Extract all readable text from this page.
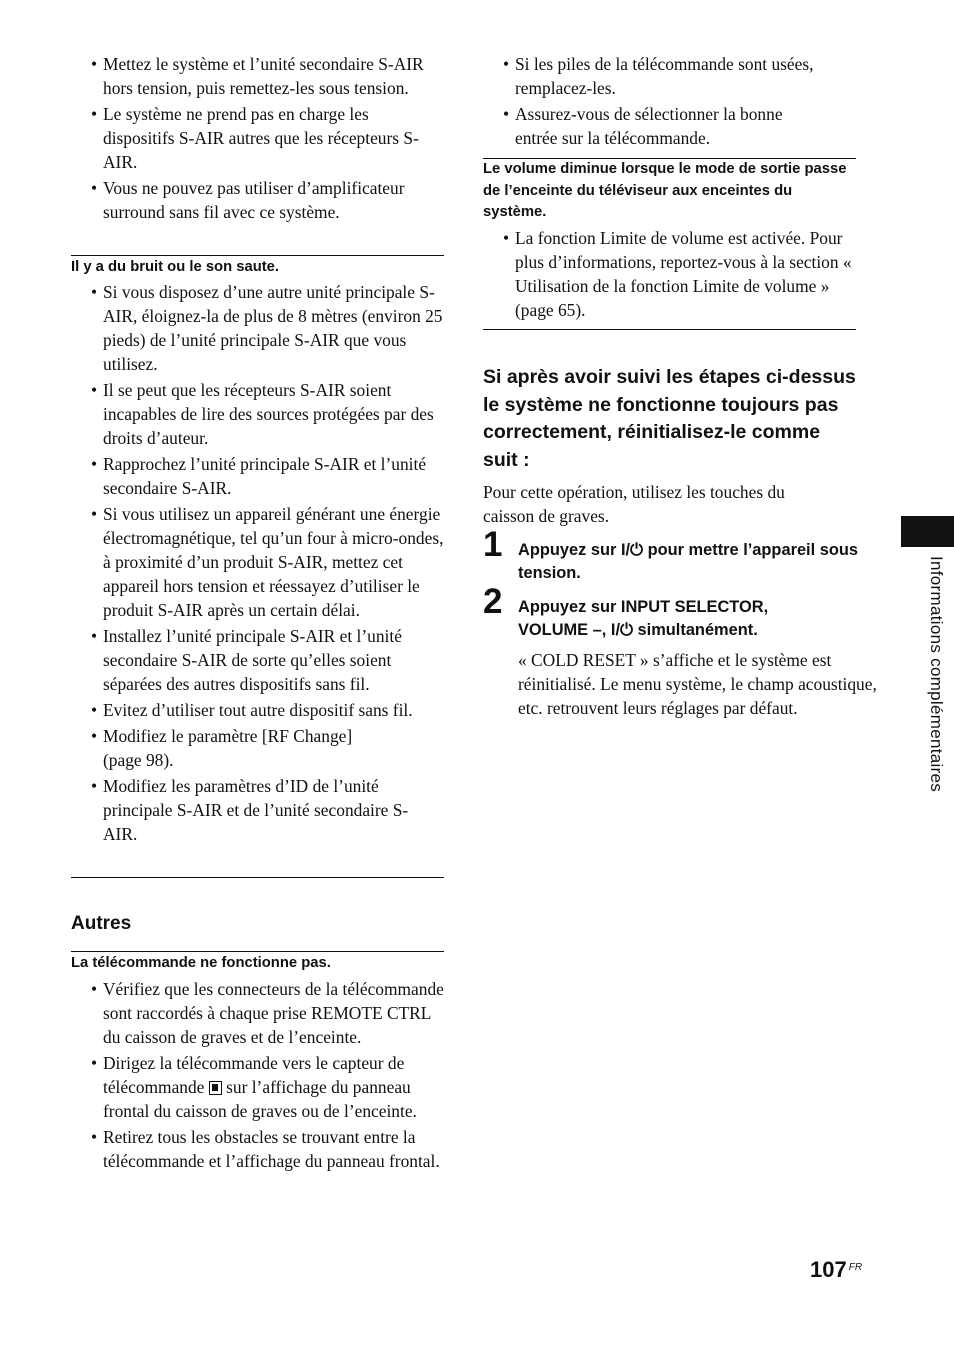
• Mettez le système et l’unité secondaire S-AIR hors tension, puis remettez-les sous tension.
• Le système ne prend pas en charge les dispositifs S-AIR autres que les récepteurs S-AIR.
• Vous ne pouvez pas utiliser d’amplificateur surround sans fil avec ce système.
Il y a du bruit ou le son saute.
• Si vous disposez d’une autre unité principale S-AIR, éloignez-la de plus de 8 mètres (environ 25 pieds) de l’unité principale S-AIR que vous utilisez.
• Il se peut que les récepteurs S-AIR soient incapables de lire des sources protégées par des droits d’auteur.
• Rapprochez l’unité principale S-AIR et l’unité secondaire S-AIR.
• Si vous utilisez un appareil générant une énergie électromagnétique, tel qu’un four à micro-ondes, à proximité d’un produit S-AIR, mettez cet appareil hors tension et réessayez d’utiliser le produit S-AIR après un certain délai.
• Installez l’unité principale S-AIR et l’unité secondaire S-AIR de sorte qu’elles soient séparées des autres dispositifs sans fil.
• Evitez d’utiliser tout autre dispositif sans fil.
• Modifiez le paramètre [RF Change] (page 98).
• Modifiez les paramètres d’ID de l’unité principale S-AIR et de l’unité secondaire S-AIR.
Autres
La télécommande ne fonctionne pas.
• Vérifiez que les connecteurs de la télécommande sont raccordés à chaque prise REMOTE CTRL du caisson de graves et de l’enceinte.
• Dirigez la télécommande vers le capteur de télécommande sur l’affichage du panneau frontal du caisson de graves ou de l’enceinte.
• Retirez tous les obstacles se trouvant entre la télécommande et l’affichage du panneau frontal.
• Si les piles de la télécommande sont usées, remplacez-les.
• Assurez-vous de sélectionner la bonne entrée sur la télécommande.
Le volume diminue lorsque le mode de sortie passe de l’enceinte du téléviseur aux enceintes du système.
• La fonction Limite de volume est activée. Pour plus d’informations, reportez-vous à la section « Utilisation de la fonction Limite de volume » (page 65).
Si après avoir suivi les étapes ci-dessus le système ne fonctionne toujours pas correctement, réinitialisez-le comme suit :
Pour cette opération, utilisez les touches du caisson de graves.
1 Appuyez sur I/⏻ pour mettre l’appareil sous tension.
2 Appuyez sur INPUT SELECTOR, VOLUME –, I/⏻ simultanément.
« COLD RESET » s’affiche et le système est réinitialisé. Le menu système, le champ acoustique, etc. retrouvent leurs réglages par défaut.	Informations complémentaires
107 $^{FR}$
